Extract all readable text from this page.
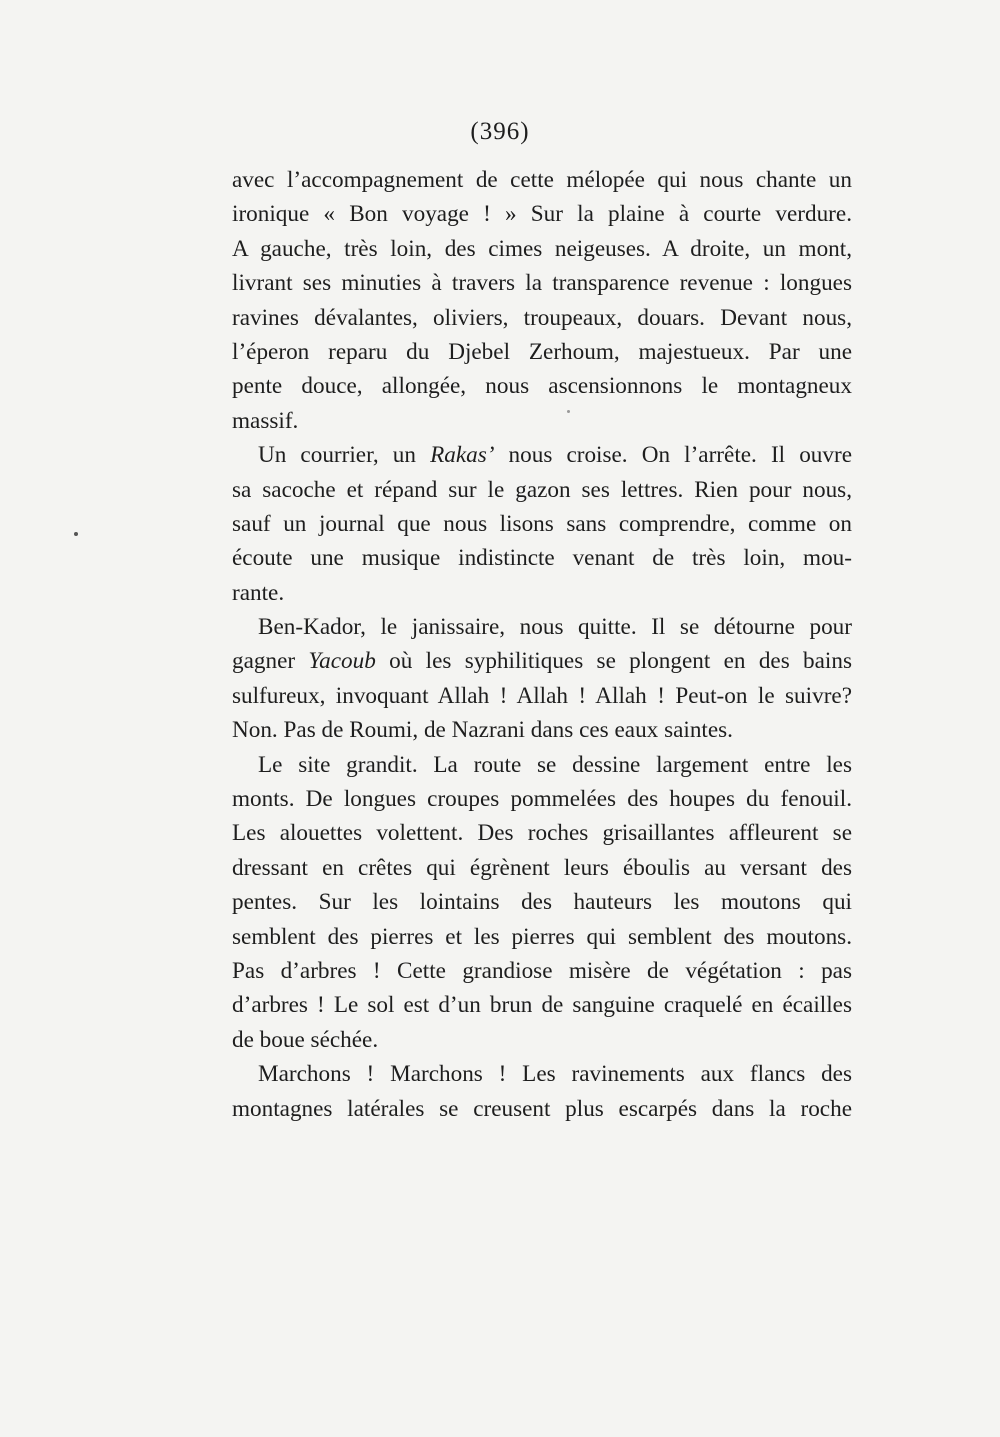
(396)
avec l’accompagnement de cette mélopée qui nous chante un
ironique « Bon voyage ! » Sur la plaine à courte verdure.
A gauche, très loin, des cimes neigeuses. A droite, un mont,
livrant ses minuties à travers la transparence revenue : longues
ravines dévalantes, oliviers, troupeaux, douars. Devant nous,
l’éperon reparu du Djebel Zerhoum, majestueux. Par une
pente douce, allongée, nous ascensionnons le montagneux
massif.
Un courrier, un Rakas’ nous croise. On l’arrête. Il ouvre
sa sacoche et répand sur le gazon ses lettres. Rien pour nous,
sauf un journal que nous lisons sans comprendre, comme on
écoute une musique indistincte venant de très loin, mou-
rante.
Ben-Kador, le janissaire, nous quitte. Il se détourne pour
gagner Yacoub où les syphilitiques se plongent en des bains
sulfureux, invoquant Allah ! Allah ! Allah ! Peut-on le suivre?
Non. Pas de Roumi, de Nazrani dans ces eaux saintes.
Le site grandit. La route se dessine largement entre les
monts. De longues croupes pommelées des houpes du fenouil.
Les alouettes volettent. Des roches grisaillantes affleurent se
dressant en crêtes qui égrènent leurs éboulis au versant des
pentes. Sur les lointains des hauteurs les moutons qui
semblent des pierres et les pierres qui semblent des moutons.
Pas d’arbres ! Cette grandiose misère de végétation : pas
d’arbres ! Le sol est d’un brun de sanguine craquelé en écailles
de boue séchée.
Marchons ! Marchons ! Les ravinements aux flancs des
montagnes latérales se creusent plus escarpés dans la roche
